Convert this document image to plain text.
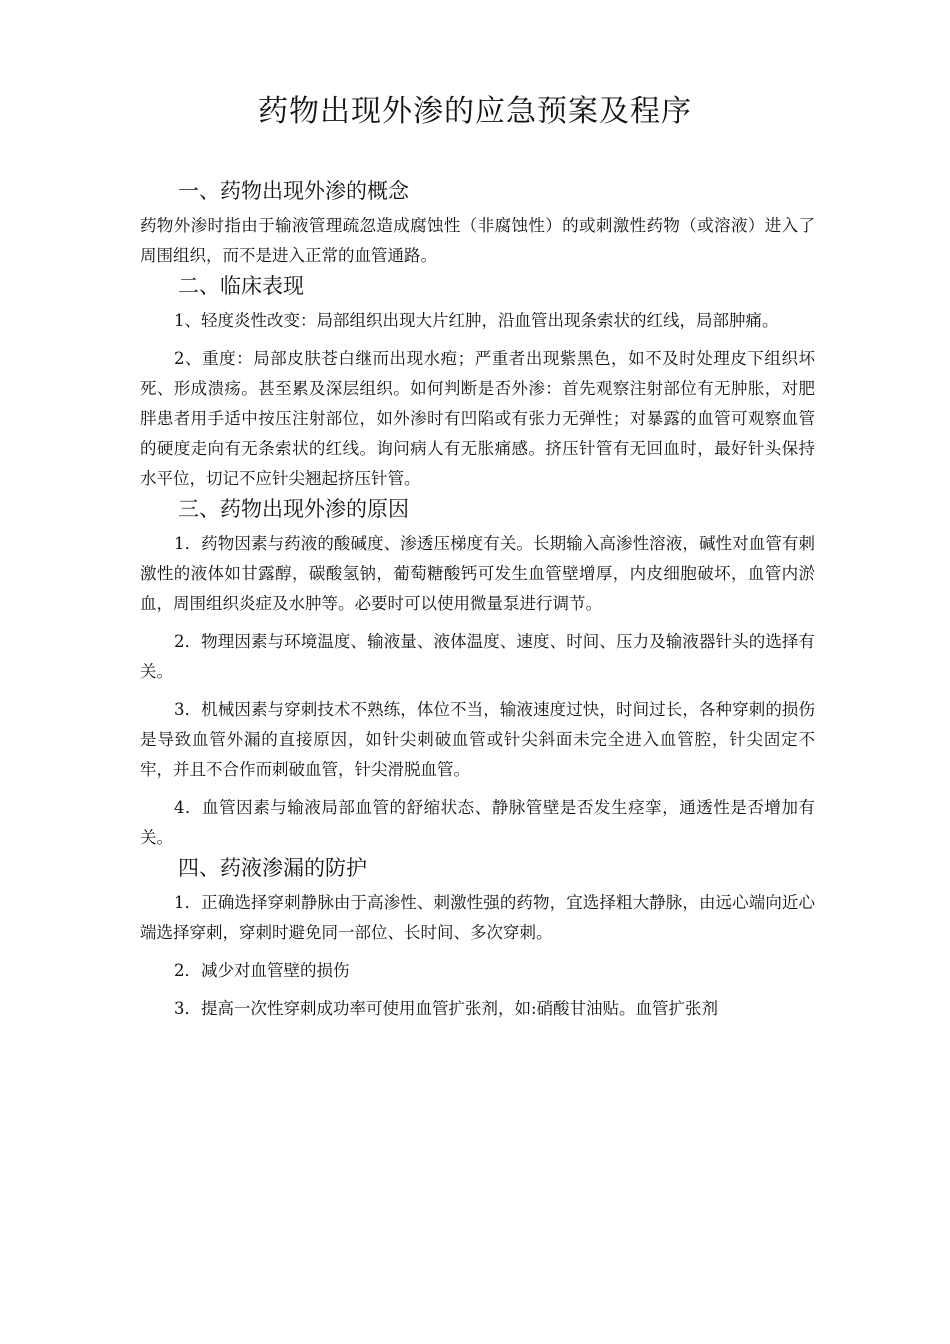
药物出现外渗的应急预案及程序

一、药物出现外渗的概念

药物外渗时指由于输液管理疏忽造成腐蚀性（非腐蚀性）的或刺激性药物（或溶液）进入了周围组织，而不是进入正常的血管通路。

二、临床表现

1、轻度炎性改变：局部组织出现大片红肿，沿血管出现条索状的红线，局部肿痛。

2、重度：局部皮肤苍白继而出现水疱；严重者出现紫黑色，如不及时处理皮下组织坏死、形成溃疡。甚至累及深层组织。如何判断是否外渗：首先观察注射部位有无肿胀，对肥胖患者用手适中按压注射部位，如外渗时有凹陷或有张力无弹性；对暴露的血管可观察血管的硬度走向有无条索状的红线。询问病人有无胀痛感。挤压针管有无回血时，最好针头保持水平位，切记不应针尖翘起挤压针管。

三、药物出现外渗的原因

1．药物因素与药液的酸碱度、渗透压梯度有关。长期输入高渗性溶液，碱性对血管有刺激性的液体如甘露醇，碳酸氢钠，葡萄糖酸钙可发生血管壁增厚，内皮细胞破坏，血管内淤血，周围组织炎症及水肿等。必要时可以使用微量泵进行调节。

2．物理因素与环境温度、输液量、液体温度、速度、时间、压力及输液器针头的选择有关。

3．机械因素与穿刺技术不熟练，体位不当，输液速度过快，时间过长，各种穿刺的损伤是导致血管外漏的直接原因，如针尖刺破血管或针尖斜面未完全进入血管腔，针尖固定不牢，并且不合作而刺破血管，针尖滑脱血管。

4．血管因素与输液局部血管的舒缩状态、静脉管壁是否发生痉挛，通透性是否增加有关。

四、药液渗漏的防护

1．正确选择穿刺静脉由于高渗性、刺激性强的药物，宜选择粗大静脉，由远心端向近心端选择穿刺，穿刺时避免同一部位、长时间、多次穿刺。

2．减少对血管壁的损伤

3．提高一次性穿刺成功率可使用血管扩张剂，如:硝酸甘油贴。血管扩张剂
